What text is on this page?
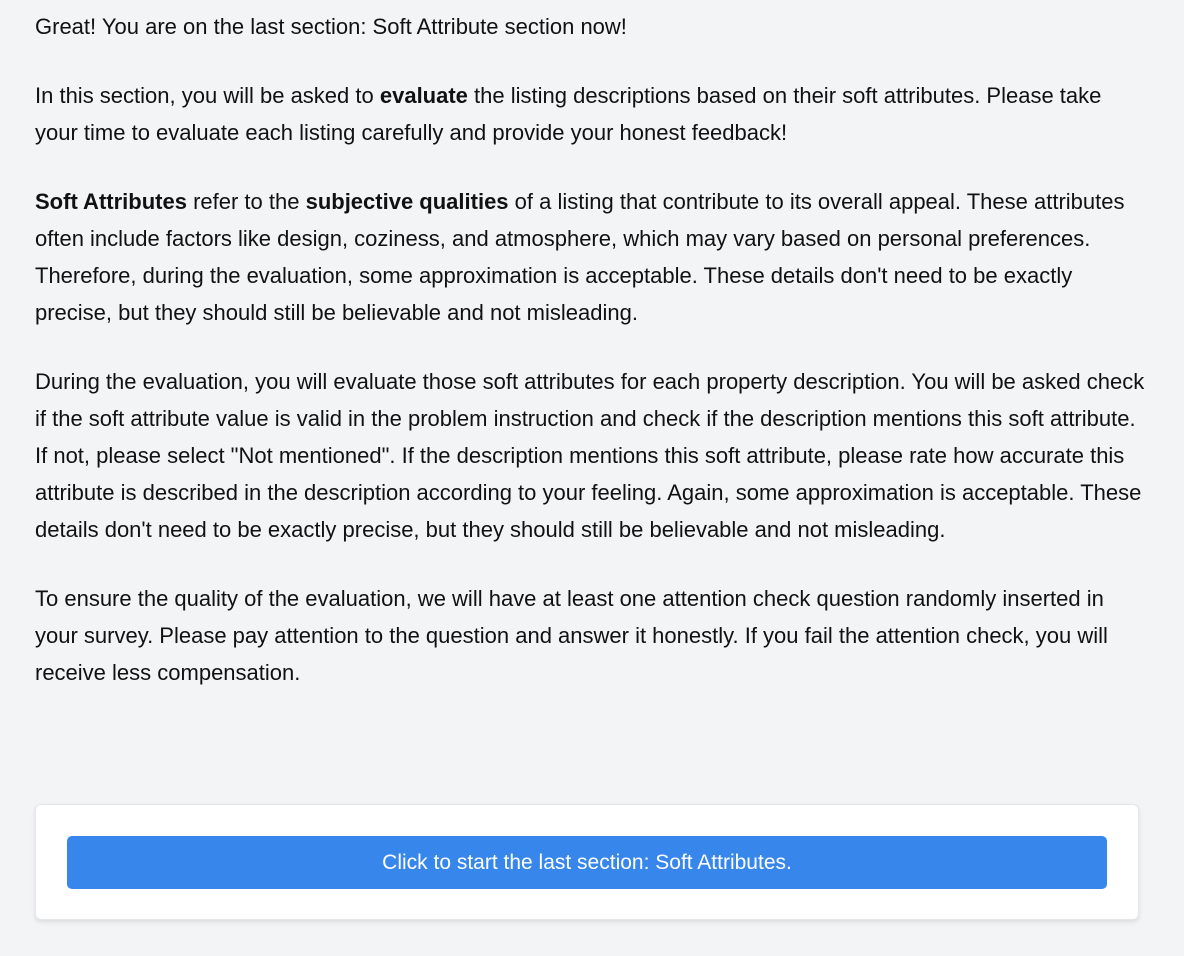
Great! You are on the last section: Soft Attribute section now!

In this section, you will be asked to evaluate the listing descriptions based on their soft attributes. Please take your time to evaluate each listing carefully and provide your honest feedback!

Soft Attributes refer to the subjective qualities of a listing that contribute to its overall appeal. These attributes often include factors like design, coziness, and atmosphere, which may vary based on personal preferences. Therefore, during the evaluation, some approximation is acceptable. These details don't need to be exactly precise, but they should still be believable and not misleading.

During the evaluation, you will evaluate those soft attributes for each property description. You will be asked check if the soft attribute value is valid in the problem instruction and check if the description mentions this soft attribute. If not, please select "Not mentioned". If the description mentions this soft attribute, please rate how accurate this attribute is described in the description according to your feeling. Again, some approximation is acceptable. These details don't need to be exactly precise, but they should still be believable and not misleading.

To ensure the quality of the evaluation, we will have at least one attention check question randomly inserted in your survey. Please pay attention to the question and answer it honestly. If you fail the attention check, you will receive less compensation.

Click to start the last section: Soft Attributes.
